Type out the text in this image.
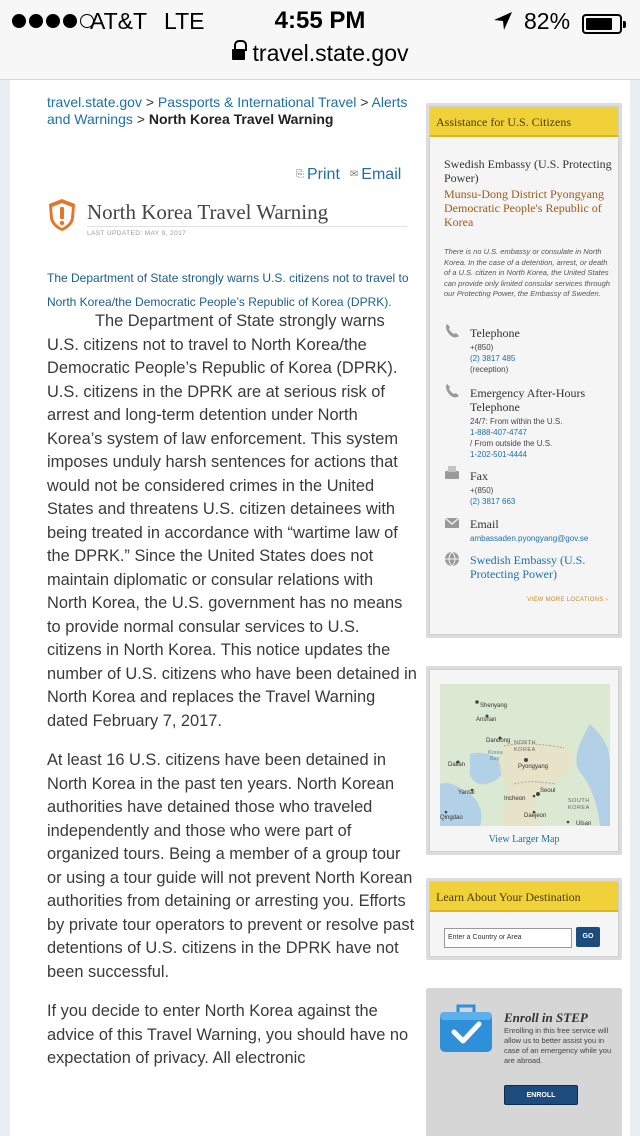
AT&T LTE	4:55 PM	82%
travel.state.gov
travel.state.gov > Passports & International Travel > Alerts and Warnings > North Korea Travel Warning
⎘ Print ✉ Email
North Korea Travel Warning
LAST UPDATED: MAY 9, 2017
The Department of State strongly warns U.S. citizens not to travel to North Korea/the Democratic People’s Republic of Korea (DPRK).

The Department of State strongly warns U.S. citizens not to travel to North Korea/the Democratic People’s Republic of Korea (DPRK). U.S. citizens in the DPRK are at serious risk of arrest and long-term detention under North Korea’s system of law enforcement. This system imposes unduly harsh sentences for actions that would not be considered crimes in the United States and threatens U.S. citizen detainees with being treated in accordance with “wartime law of the DPRK.” Since the United States does not maintain diplomatic or consular relations with North Korea, the U.S. government has no means to provide normal consular services to U.S. citizens in North Korea. This notice updates the number of U.S. citizens who have been detained in North Korea and replaces the Travel Warning dated February 7, 2017.

At least 16 U.S. citizens have been detained in North Korea in the past ten years. North Korean authorities have detained those who traveled independently and those who were part of organized tours. Being a member of a group tour or using a tour guide will not prevent North Korean authorities from detaining or arresting you. Efforts by private tour operators to prevent or resolve past detentions of U.S. citizens in the DPRK have not been successful.

If you decide to enter North Korea against the advice of this Travel Warning, you should have no expectation of privacy. All electronic

Assistance for U.S. Citizens
Swedish Embassy (U.S. Protecting Power)
Munsu-Dong District Pyongyang Democratic People's Republic of Korea
There is no U.S. embassy or consulate in North Korea. In the case of a detention, arrest, or death of a U.S. citizen in North Korea, the United States can provide only limited consular services through our Protecting Power, the Embassy of Sweden.
Telephone
+(850)
(2) 3817 485
(reception)
Emergency After-Hours Telephone
24/7: From within the U.S.
1-888-407-4747
/ From outside the U.S.
1-202-501-4444
Fax
+(850)
(2) 3817 663
Email
ambassaden.pyongyang@gov.se
Swedish Embassy (U.S. Protecting Power)
VIEW MORE LOCATIONS ›
Shenyang
Anshan
Dandong NORTH KOREA
Korea Bay
Dalian	Pyongyang
Yantai
Incheon
Seoul
SOUTH KOREA
Qingdao	Daejeon
Ulsan
View Larger Map
Learn About Your Destination
Enter a Country or Area	GO
Enroll in STEP
Enrolling in this free service will allow us to better assist you in case of an emergency while you are abroad.
ENROLL
